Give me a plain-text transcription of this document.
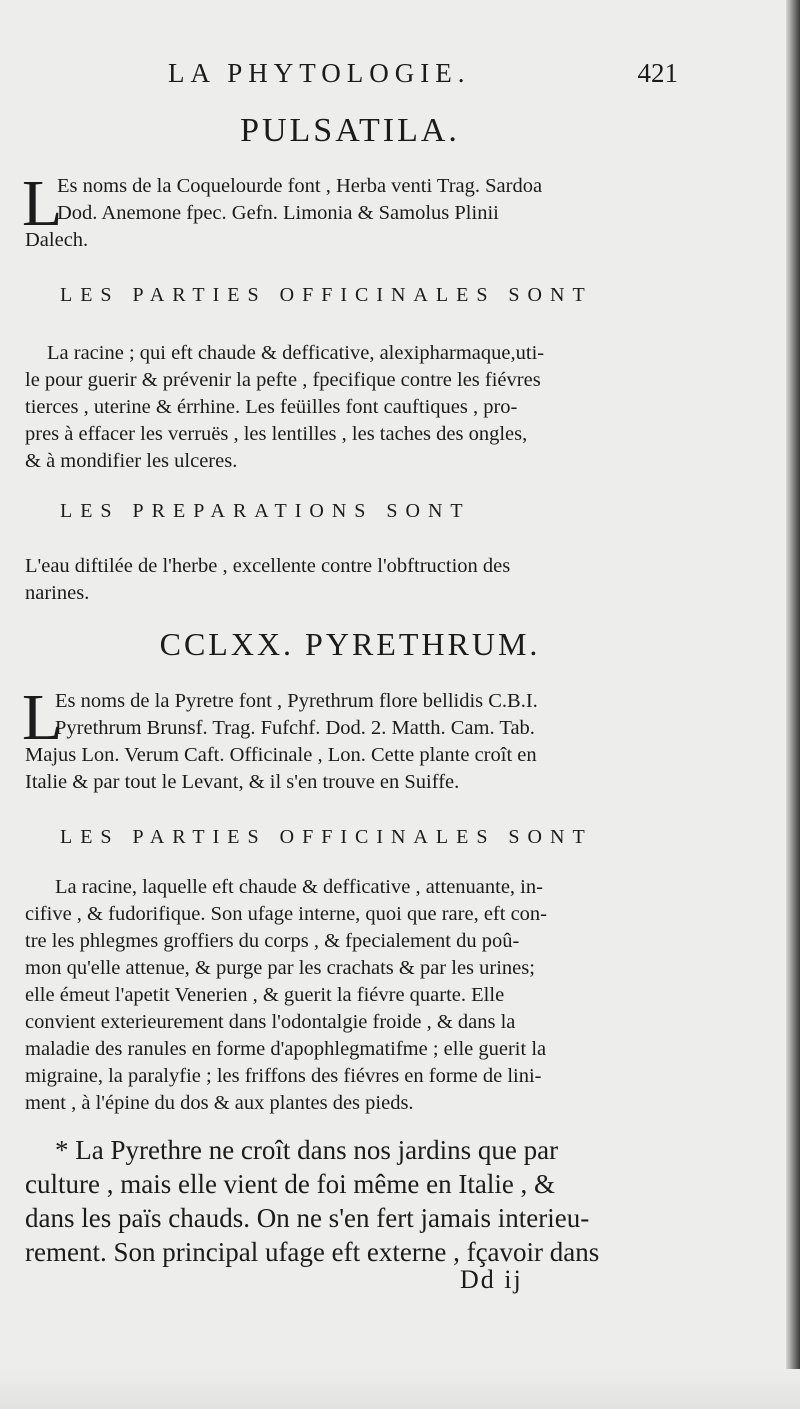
LA PHYTOLOGIE.	421
PULSATILA.
L
Es noms de la Coquelourde font , Herba venti Trag. Sardoa
Dod. Anemone fpec. Gefn. Limonia & Samolus Plinii
Dalech.
LES PARTIES OFFICINALES SONT
La racine ; qui eft chaude & defficative, alexipharmaque,uti-
le pour guerir & prévenir la pefte , fpecifique contre les fiévres
tierces , uterine & érrhine. Les feüilles font cauftiques , pro-
pres à effacer les verruës , les lentilles , les taches des ongles,
& à mondifier les ulceres.
LES PREPARATIONS SONT
L'eau diftilée de l'herbe , excellente contre l'obftruction des
narines.
CCLXX. PYRETHRUM.
L
Es noms de la Pyretre font , Pyrethrum flore bellidis C.B.I.
Pyrethrum Brunsf. Trag. Fufchf. Dod. 2. Matth. Cam. Tab.
Majus Lon. Verum Caft. Officinale , Lon. Cette plante croît en
Italie & par tout le Levant, & il s'en trouve en Suiffe.
LES PARTIES OFFICINALES SONT
La racine, laquelle eft chaude & defficative , attenuante, in-
cifive , & fudorifique. Son ufage interne, quoi que rare, eft con-
tre les phlegmes groffiers du corps , & fpecialement du poû-
mon qu'elle attenue, & purge par les crachats & par les urines;
elle émeut l'apetit Venerien , & guerit la fiévre quarte. Elle
convient exterieurement dans l'odontalgie froide , & dans la
maladie des ranules en forme d'apophlegmatifme ; elle guerit la
migraine, la paralyfie ; les friffons des fiévres en forme de lini-
ment , à l'épine du dos & aux plantes des pieds.
* La Pyrethre ne croît dans nos jardins que par
culture , mais elle vient de foi même en Italie , &
dans les païs chauds. On ne s'en fert jamais interieu-
rement. Son principal ufage eft externe , fçavoir dans
Dd ij
